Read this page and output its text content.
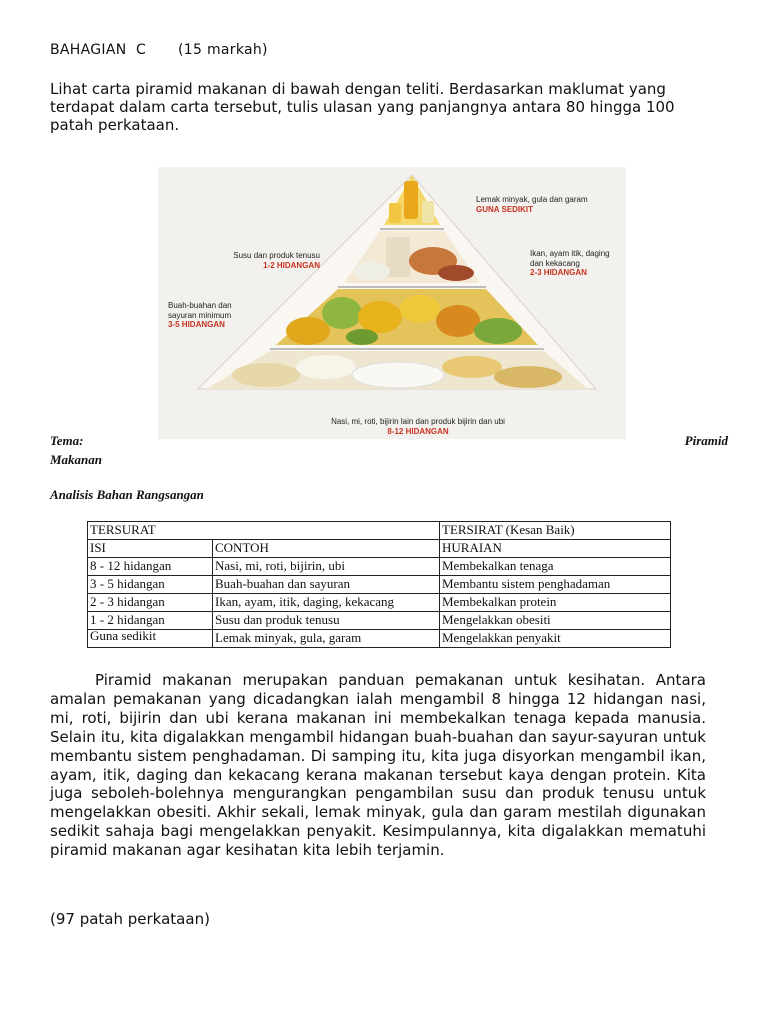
BAHAGIAN  C (15 markah)
Lihat carta piramid makanan di bawah dengan teliti. Berdasarkan maklumat yang terdapat dalam carta tersebut, tulis ulasan yang panjangnya antara 80 hingga 100 patah perkataan.
Lemak minyak, gula dan garam
GUNA SEDIKIT
Susu dan produk tenusu
1-2 HIDANGAN
Ikan, ayam itik, daging dan kekacang
2-3 HIDANGAN
Buah-buahan dan sayuran minimum
3-5 HIDANGAN
Nasi, mi, roti, bijirin lain dan produk bijirin dan ubi
8-12 HIDANGAN
Tema:	Piramid
Makanan
Analisis Bahan Rangsangan
TERSURAT		TERSIRAT (Kesan Baik)
ISI	CONTOH	HURAIAN
8 - 12 hidangan	Nasi, mi, roti, bijirin, ubi	Membekalkan tenaga
3 - 5 hidangan	Buah-buahan dan sayuran	Membantu sistem penghadaman
2 - 3 hidangan	Ikan, ayam, itik, daging, kekacang	Membekalkan protein
1 - 2 hidangan	Susu dan produk tenusu	Mengelakkan obesiti
Guna sedikit	Lemak minyak, gula, garam	Mengelakkan penyakit
Piramid makanan merupakan panduan pemakanan untuk kesihatan. Antara amalan pemakanan yang dicadangkan ialah mengambil 8 hingga 12 hidangan nasi, mi, roti, bijirin dan ubi kerana makanan ini membekalkan tenaga kepada manusia. Selain itu, kita digalakkan mengambil hidangan buah-buahan dan sayur-sayuran untuk membantu sistem penghadaman. Di samping itu, kita juga disyorkan mengambil ikan, ayam, itik, daging dan kekacang kerana makanan tersebut kaya dengan protein. Kita juga seboleh-bolehnya mengurangkan pengambilan susu dan produk tenusu untuk mengelakkan obesiti. Akhir sekali, lemak minyak, gula dan garam mestilah digunakan sedikit sahaja bagi mengelakkan penyakit. Kesimpulannya, kita digalakkan mematuhi piramid makanan agar kesihatan kita lebih terjamin.
(97 patah perkataan)
